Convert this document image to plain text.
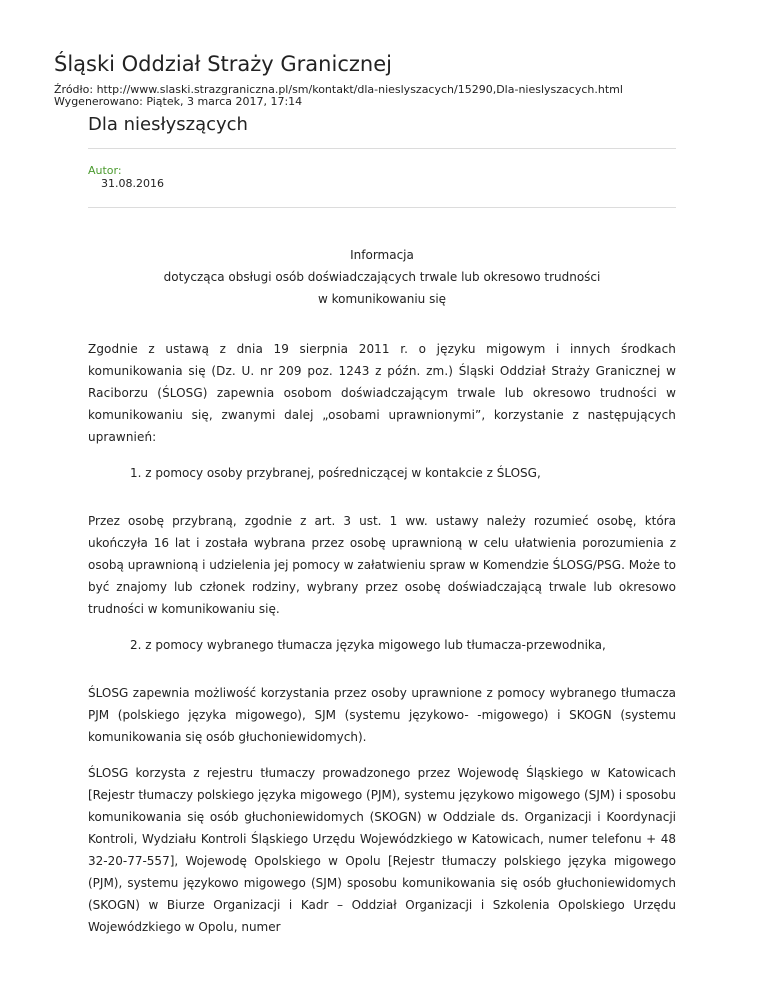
Śląski Oddział Straży Granicznej
Źródło: http://www.slaski.strazgraniczna.pl/sm/kontakt/dla-nieslyszacych/15290,Dla-nieslyszacych.html
Wygenerowano: Piątek, 3 marca 2017, 17:14
Dla niesłyszących
Autor:
31.08.2016
Informacja
dotycząca obsługi osób doświadczających trwale lub okresowo trudności
w komunikowaniu się

Zgodnie z ustawą z dnia 19 sierpnia 2011 r. o języku migowym i innych środkach komunikowania się (Dz. U. nr 209 poz. 1243 z późn. zm.) Śląski Oddział Straży Granicznej w Raciborzu (ŚLOSG) zapewnia osobom doświadczającym trwale lub okresowo trudności w komunikowaniu się, zwanymi dalej „osobami uprawnionymi”, korzystanie z następujących uprawnień:

1. z pomocy osoby przybranej, pośredniczącej w kontakcie z ŚLOSG,

Przez osobę przybraną, zgodnie z art. 3 ust. 1 ww. ustawy należy rozumieć osobę, która ukończyła 16 lat i została wybrana przez osobę uprawnioną w celu ułatwienia porozumienia z osobą uprawnioną i udzielenia jej pomocy w załatwieniu spraw w Komendzie ŚLOSG/PSG. Może to być znajomy lub członek rodziny, wybrany przez osobę doświadczającą trwale lub okresowo trudności w komunikowaniu się.

2. z pomocy wybranego tłumacza języka migowego lub tłumacza-przewodnika,

ŚLOSG zapewnia możliwość korzystania przez osoby uprawnione z pomocy wybranego tłumacza PJM (polskiego języka migowego), SJM (systemu językowo- -migowego) i SKOGN (systemu komunikowania się osób głuchoniewidomych).

ŚLOSG korzysta z rejestru tłumaczy prowadzonego przez Wojewodę Śląskiego w Katowicach [Rejestr tłumaczy polskiego języka migowego (PJM), systemu językowo migowego (SJM) i sposobu komunikowania się osób głuchoniewidomych (SKOGN) w Oddziale ds. Organizacji i Koordynacji Kontroli, Wydziału Kontroli Śląskiego Urzędu Wojewódzkiego w Katowicach, numer telefonu + 48 32-20-77-557], Wojewodę Opolskiego w Opolu [Rejestr tłumaczy polskiego języka migowego (PJM), systemu językowo migowego (SJM) sposobu komunikowania się osób głuchoniewidomych (SKOGN) w Biurze Organizacji i Kadr – Oddział Organizacji i Szkolenia Opolskiego Urzędu Wojewódzkiego w Opolu, numer
